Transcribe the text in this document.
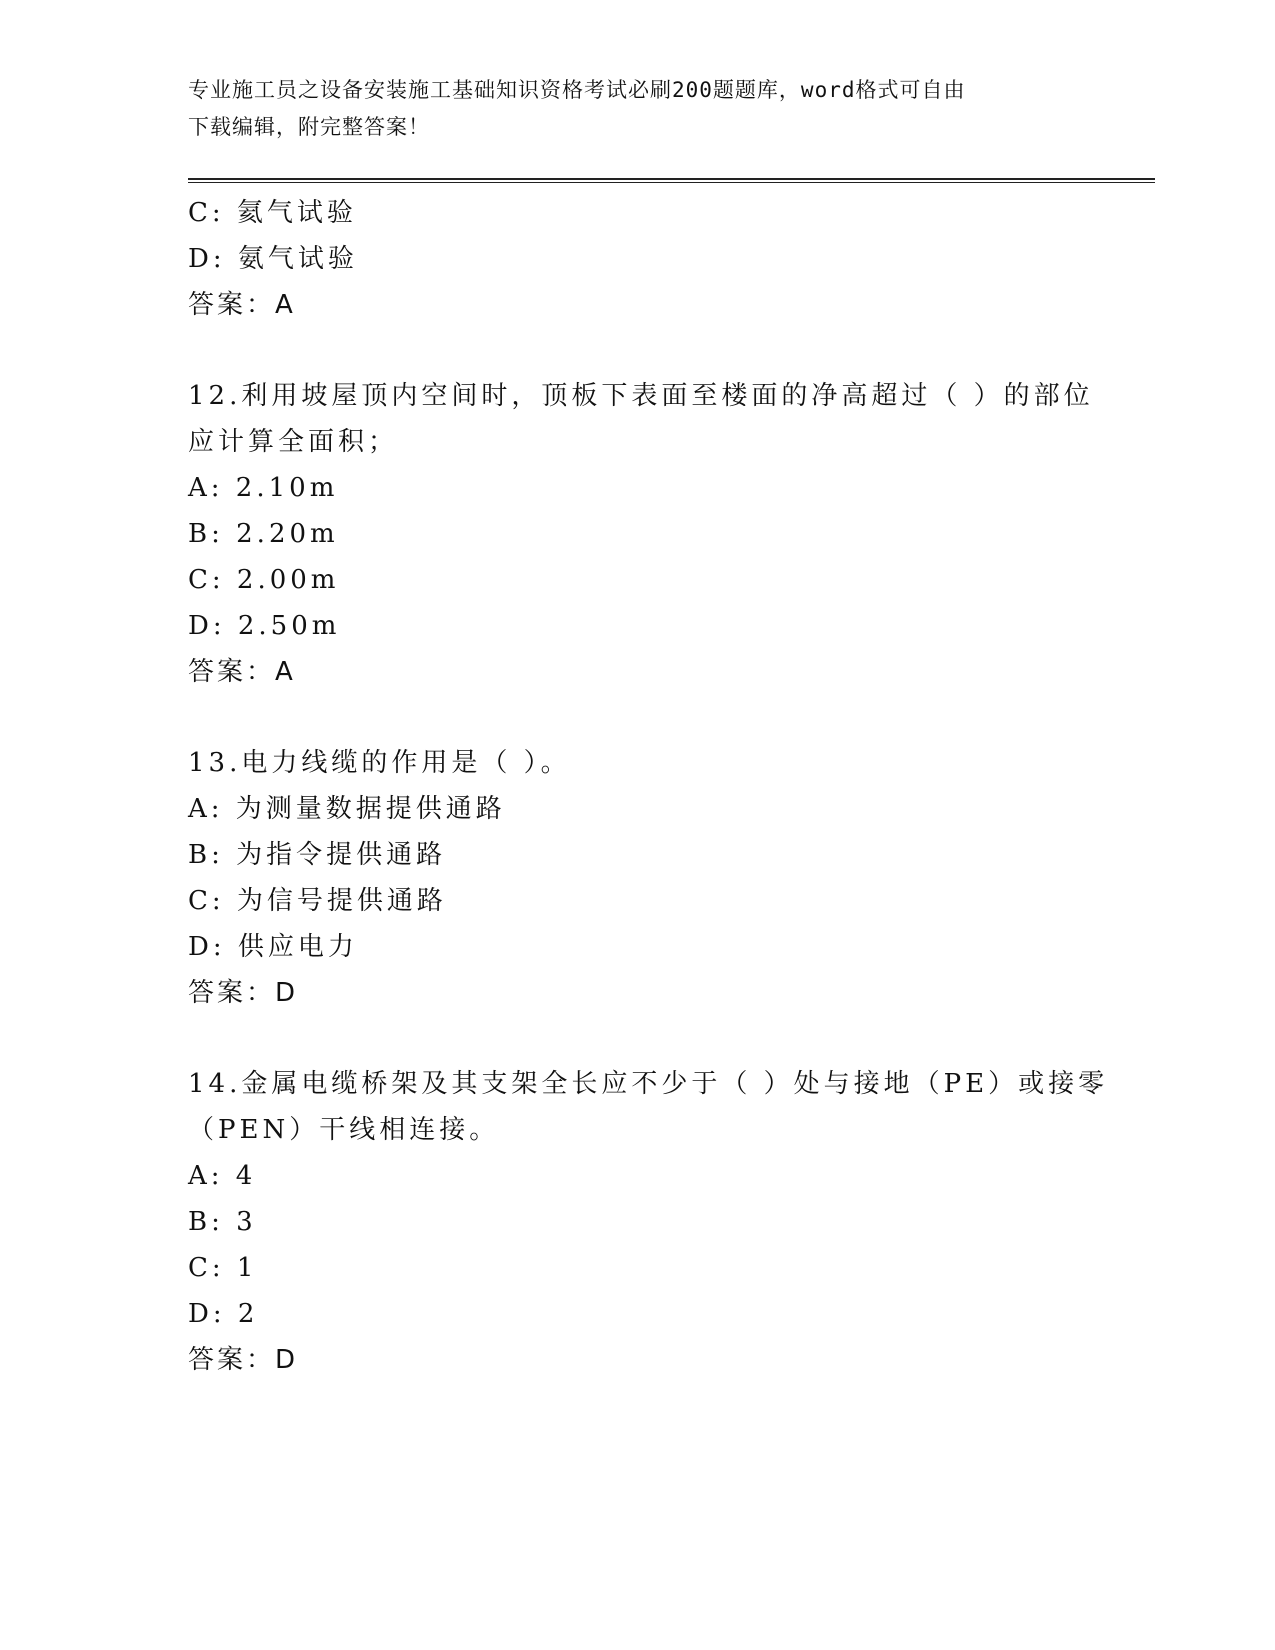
专业施工员之设备安装施工基础知识资格考试必刷200题题库，word格式可自由
下载编辑，附完整答案！
C: 氦气试验
D: 氨气试验
答案：A
12.利用坡屋顶内空间时，顶板下表面至楼面的净高超过（ ）的部位
应计算全面积；
A: 2.10m
B: 2.20m
C: 2.00m
D: 2.50m
答案：A
13.电力线缆的作用是（ ）。
A: 为测量数据提供通路
B: 为指令提供通路
C: 为信号提供通路
D: 供应电力
答案：D
14.金属电缆桥架及其支架全长应不少于（ ）处与接地（PE）或接零
（PEN）干线相连接。
A: 4
B: 3
C: 1
D: 2
答案：D
